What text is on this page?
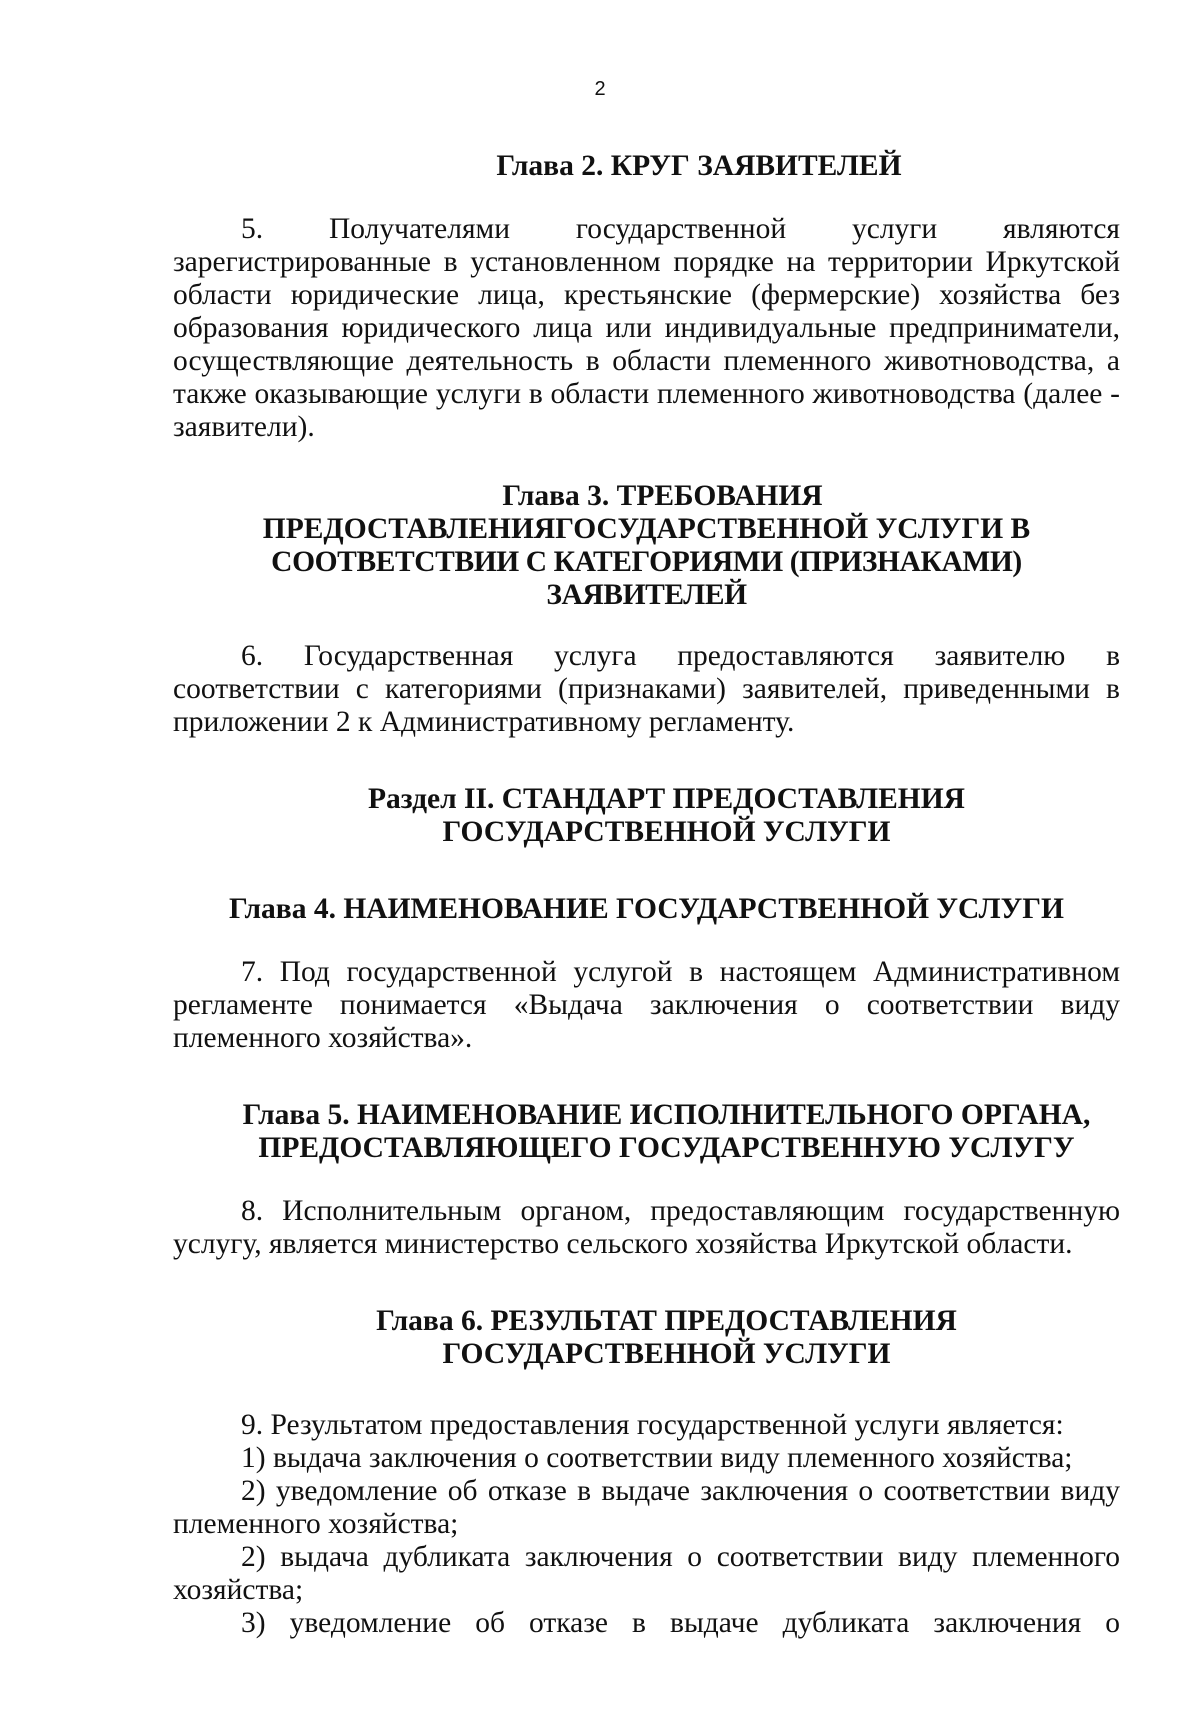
2
Глава 2. КРУГ ЗАЯВИТЕЛЕЙ

5. Получателями государственной услуги являются зарегистрированные в установленном порядке на территории Иркутской области юридические лица, крестьянские (фермерские) хозяйства без образования юридического лица или индивидуальные предприниматели, осуществляющие деятельность в области племенного животноводства, а также оказывающие услуги в области племенного животноводства (далее - заявители).

Глава 3. ТРЕБОВАНИЯ
ПРЕДОСТАВЛЕНИЯГОСУДАРСТВЕННОЙ УСЛУГИ В
СООТВЕТСТВИИ С КАТЕГОРИЯМИ (ПРИЗНАКАМИ) ЗАЯВИТЕЛЕЙ

6. Государственная услуга предоставляются заявителю в соответствии с категориями (признаками) заявителей, приведенными в приложении 2 к Административному регламенту.

Раздел II. СТАНДАРТ ПРЕДОСТАВЛЕНИЯ
ГОСУДАРСТВЕННОЙ УСЛУГИ
Глава 4. НАИМЕНОВАНИЕ ГОСУДАРСТВЕННОЙ УСЛУГИ

7. Под государственной услугой в настоящем Административном регламенте понимается «Выдача заключения о соответствии виду племенного хозяйства».

Глава 5. НАИМЕНОВАНИЕ ИСПОЛНИТЕЛЬНОГО ОРГАНА,
ПРЕДОСТАВЛЯЮЩЕГО ГОСУДАРСТВЕННУЮ УСЛУГУ

8. Исполнительным органом, предоставляющим государственную услугу, является министерство сельского хозяйства Иркутской области.

Глава 6. РЕЗУЛЬТАТ ПРЕДОСТАВЛЕНИЯ
ГОСУДАРСТВЕННОЙ УСЛУГИ

9. Результатом предоставления государственной услуги является:

1) выдача заключения о соответствии виду племенного хозяйства;

2) уведомление об отказе в выдаче заключения о соответствии виду племенного хозяйства;

2) выдача дубликата заключения о соответствии виду племенного хозяйства;

3) уведомление об отказе в выдаче дубликата заключения о
